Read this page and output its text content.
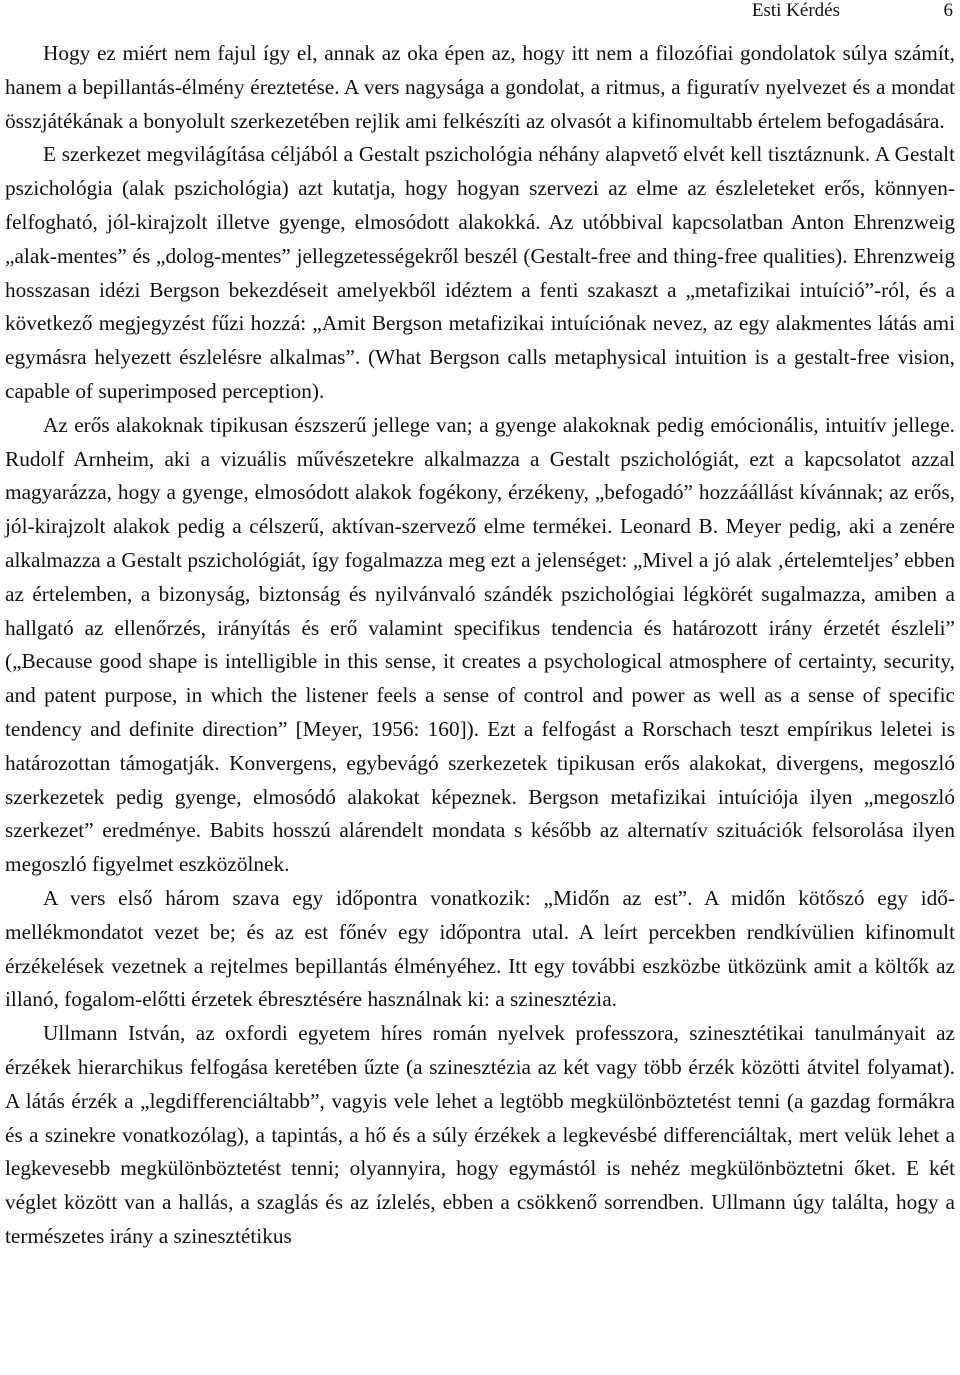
Esti Kérdés	6

Hogy ez miért nem fajul így el, annak az oka épen az, hogy itt nem a filozófiai gondolatok súlya számít, hanem a bepillantás-élmény éreztetése. A vers nagysága a gondolat, a ritmus, a figuratív nyelvezet és a mondat összjátékának a bonyolult szerkezetében rejlik ami felkészíti az olvasót a kifinomultabb értelem befogadására.

E szerkezet megvilágítása céljából a Gestalt pszichológia néhány alapvető elvét kell tisztáznunk. A Gestalt pszichológia (alak pszichológia) azt kutatja, hogy hogyan szervezi az elme az észleleteket erős, könnyen-felfogható, jól-kirajzolt illetve gyenge, elmosódott alakokká. Az utóbbival kapcsolatban Anton Ehrenzweig „alak-mentes” és „dolog-mentes” jellegzetességekről beszél (Gestalt-free and thing-free qualities). Ehrenzweig hosszasan idézi Bergson bekezdéseit amelyekből idéztem a fenti szakaszt a „metafizikai intuíció”-ról, és a következő megjegyzést fűzi hozzá: „Amit Bergson metafizikai intuíciónak nevez, az egy alakmentes látás ami egymásra helyezett észlelésre alkalmas”. (What Bergson calls metaphysical intuition is a gestalt-free vision, capable of superimposed perception).

Az erős alakoknak tipikusan észszerű jellege van; a gyenge alakoknak pedig emócionális, intuitív jellege. Rudolf Arnheim, aki a vizuális művészetekre alkalmazza a Gestalt pszichológiát, ezt a kapcsolatot azzal magyarázza, hogy a gyenge, elmosódott alakok fogékony, érzékeny, „befogadó” hozzáállást kívánnak; az erős, jól-kirajzolt alakok pedig a célszerű, aktívan-szervező elme termékei. Leonard B. Meyer pedig, aki a zenére alkalmazza a Gestalt pszichológiát, így fogalmazza meg ezt a jelenséget: „Mivel a jó alak ‚értelemteljes’ ebben az értelemben, a bizonyság, biztonság és nyilvánvaló szándék pszichológiai légkörét sugalmazza, amiben a hallgató az ellenőrzés, irányítás és erő valamint specifikus tendencia és határozott irány érzetét észleli” („Because good shape is intelligible in this sense, it creates a psychological atmosphere of certainty, security, and patent purpose, in which the listener feels a sense of control and power as well as a sense of specific tendency and definite direction” [Meyer, 1956: 160]). Ezt a felfogást a Rorschach teszt empírikus leletei is határozottan támogatják. Konvergens, egybevágó szerkezetek tipikusan erős alakokat, divergens, megoszló szerkezetek pedig gyenge, elmosódó alakokat képeznek. Bergson metafizikai intuíciója ilyen „megoszló szerkezet” eredménye. Babits hosszú alárendelt mondata s később az alternatív szituációk felsorolása ilyen megoszló figyelmet eszközölnek.

A vers első három szava egy időpontra vonatkozik: „Midőn az est”. A midőn kötőszó egy idő-mellékmondatot vezet be; és az est főnév egy időpontra utal. A leírt percekben rendkívülien kifinomult érzékelések vezetnek a rejtelmes bepillantás élményéhez. Itt egy további eszközbe ütközünk amit a költők az illanó, fogalom-előtti érzetek ébresztésére használnak ki: a szinesztézia.

Ullmann István, az oxfordi egyetem híres román nyelvek professzora, szinesztétikai tanulmányait az érzékek hierarchikus felfogása keretében űzte (a szinesztézia az két vagy több érzék közötti átvitel folyamat). A látás érzék a „legdifferenciáltabb”, vagyis vele lehet a legtöbb megkülönböztetést tenni (a gazdag formákra és a szinekre vonatkozólag), a tapintás, a hő és a súly érzékek a legkevésbé differenciáltak, mert velük lehet a legkevesebb megkülönböztetést tenni; olyannyira, hogy egymástól is nehéz megkülönböztetni őket. E két véglet között van a hallás, a szaglás és az ízlelés, ebben a csökkenő sorrendben. Ullmann úgy találta, hogy a természetes irány a szinesztétikus
